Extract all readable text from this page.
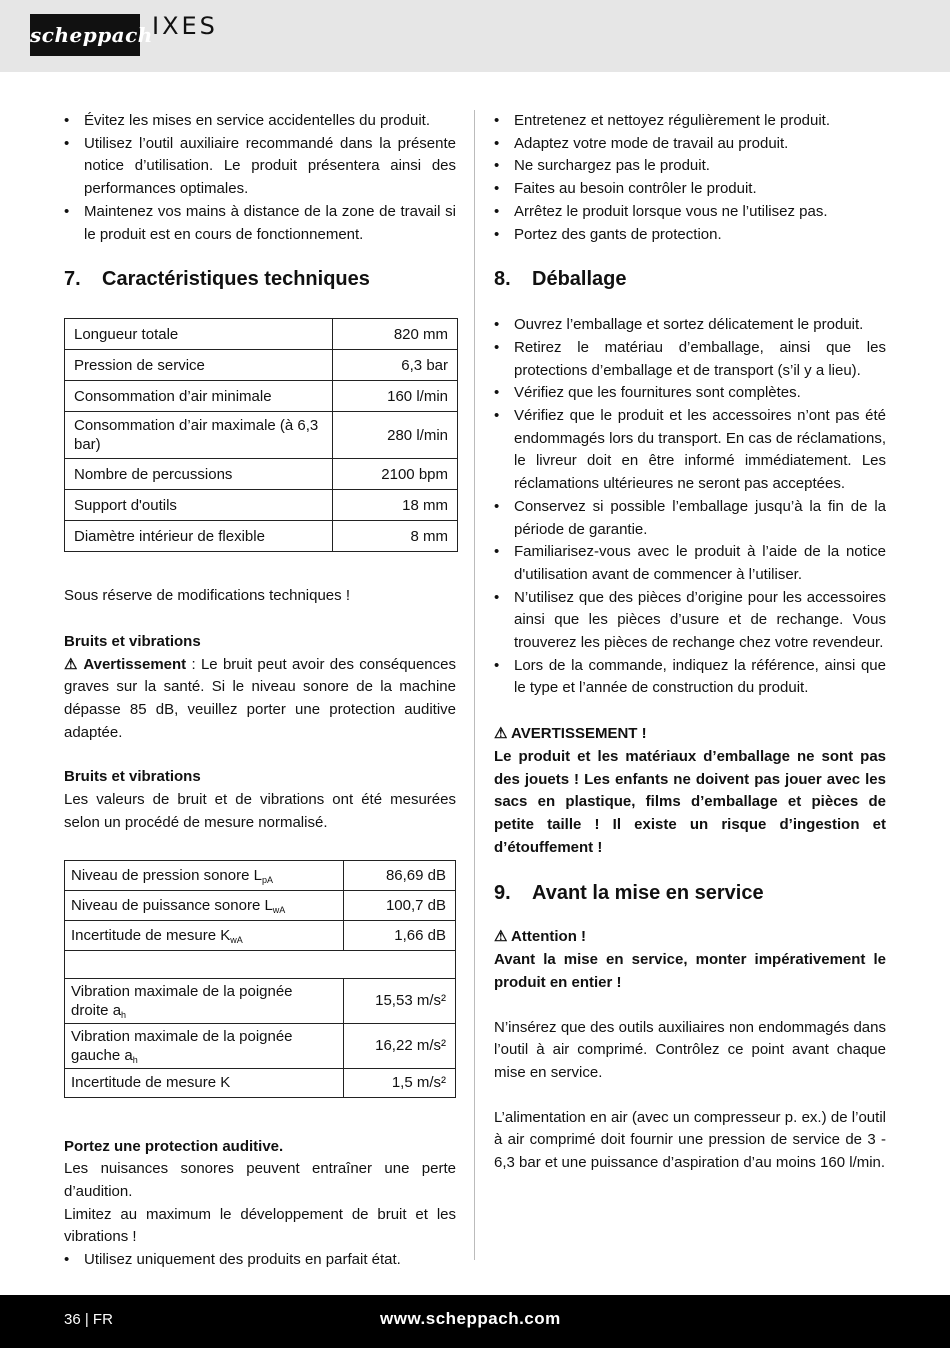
scheppach IXES
• Évitez les mises en service accidentelles du produit.
• Utilisez l’outil auxiliaire recommandé dans la présente notice d’utilisation. Le produit présentera ainsi des performances optimales.
• Maintenez vos mains à distance de la zone de travail si le produit est en cours de fonctionnement.
7.	Caractéristiques techniques
Longueur totale	820 mm
Pression de service	6,3 bar
Consommation d’air minimale	160 l/min
Consommation d’air maximale (à 6,3 bar)	280 l/min
Nombre de percussions	2100 bpm
Support d'outils	18 mm
Diamètre intérieur de flexible	8 mm

Sous réserve de modifications techniques !

Bruits et vibrations

⚠ Avertissement : Le bruit peut avoir des conséquences graves sur la santé. Si le niveau sonore de la machine dépasse 85 dB, veuillez porter une protection auditive adaptée.

Bruits et vibrations

Les valeurs de bruit et de vibrations ont été mesurées selon un procédé de mesure normalisé.

Niveau de pression sonore $L_{pA}$	86,69 dB
Niveau de puissance sonore $L_{wA}$	100,7 dB
Incertitude de mesure $K_{wA}$	1,66 dB

Vibration maximale de la poignée droite $a_h$	15,53 m/s²
Vibration maximale de la poignée gauche $a_h$	16,22 m/s²
Incertitude de mesure K	1,5 m/s²

Portez une protection auditive.

Les nuisances sonores peuvent entraîner une perte d’audition.

Limitez au maximum le développement de bruit et les vibrations !

• Utilisez uniquement des produits en parfait état.
• Entretenez et nettoyez régulièrement le produit.
• Adaptez votre mode de travail au produit.
• Ne surchargez pas le produit.
• Faites au besoin contrôler le produit.
• Arrêtez le produit lorsque vous ne l’utilisez pas.
• Portez des gants de protection.
8.	Déballage
• Ouvrez l’emballage et sortez délicatement le produit.
• Retirez le matériau d’emballage, ainsi que les protections d’emballage et de transport (s’il y a lieu).
• Vérifiez que les fournitures sont complètes.
• Vérifiez que le produit et les accessoires n’ont pas été endommagés lors du transport. En cas de réclamations, le livreur doit en être informé immédiatement. Les réclamations ultérieures ne seront pas acceptées.
• Conservez si possible l’emballage jusqu’à la fin de la période de garantie.
• Familiarisez-vous avec le produit à l’aide de la notice d'utilisation avant de commencer à l’utiliser.
• N’utilisez que des pièces d’origine pour les accessoires ainsi que les pièces d’usure et de rechange. Vous trouverez les pièces de rechange chez votre revendeur.
• Lors de la commande, indiquez la référence, ainsi que le type et l’année de construction du produit.

⚠ AVERTISSEMENT !

Le produit et les matériaux d’emballage ne sont pas des jouets ! Les enfants ne doivent pas jouer avec les sacs en plastique, films d’emballage et pièces de petite taille ! Il existe un risque d’ingestion et d’étouffement !

9.	Avant la mise en service

⚠ Attention !

Avant la mise en service, monter impérativement le produit en entier !

N’insérez que des outils auxiliaires non endommagés dans l’outil à air comprimé. Contrôlez ce point avant chaque mise en service.

L’alimentation en air (avec un compresseur p. ex.) de l’outil à air comprimé doit fournir une pression de service de 3 - 6,3 bar et une puissance d’aspiration d’au moins 160 l/min.

36 | FR	www.scheppach.com
